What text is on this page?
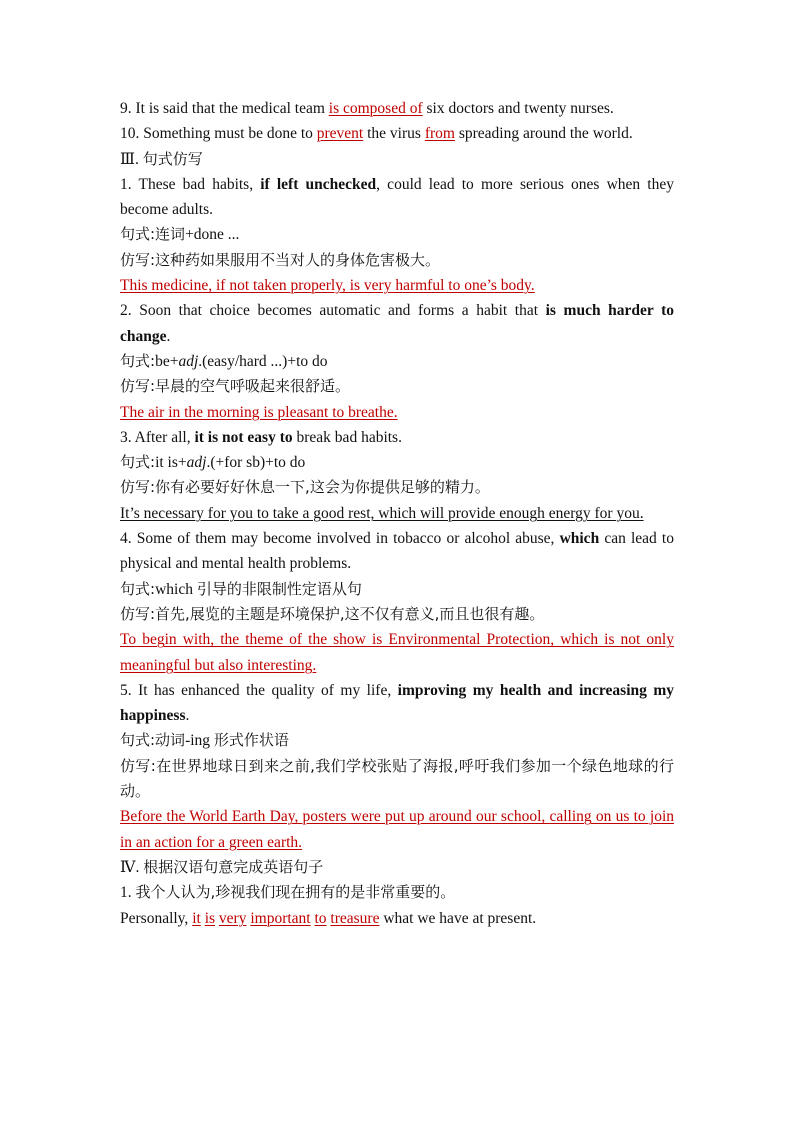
9. It is said that the medical team is composed of six doctors and twenty nurses.
10. Something must be done to prevent the virus from spreading around the world.
Ⅲ. 句式仿写
1. These bad habits, if left unchecked, could lead to more serious ones when they become adults.
句式:连词+done ...
仿写:这种药如果服用不当对人的身体危害极大。
This medicine, if not taken properly, is very harmful to one’s body.
2. Soon that choice becomes automatic and forms a habit that is much harder to change.
句式:be+adj.(easy/hard ...)+to do
仿写:早晨的空气呼吸起来很舒适。
The air in the morning is pleasant to breathe.
3. After all, it is not easy to break bad habits.
句式:it is+adj.(+for sb)+to do
仿写:你有必要好好休息一下,这会为你提供足够的精力。
It’s necessary for you to take a good rest, which will provide enough energy for you.
4. Some of them may become involved in tobacco or alcohol abuse, which can lead to physical and mental health problems.
句式:which 引导的非限制性定语从句
仿写:首先,展览的主题是环境保护,这不仅有意义,而且也很有趣。
To begin with, the theme of the show is Environmental Protection, which is not only meaningful but also interesting.
5. It has enhanced the quality of my life, improving my health and increasing my happiness.
句式:动词-ing 形式作状语
仿写:在世界地球日到来之前,我们学校张贴了海报,呼吁我们参加一个绿色地球的行动。
Before the World Earth Day, posters were put up around our school, calling on us to join in an action for a green earth.
Ⅳ. 根据汉语句意完成英语句子
1. 我个人认为,珍视我们现在拥有的是非常重要的。
Personally, it is very important to treasure what we have at present.
